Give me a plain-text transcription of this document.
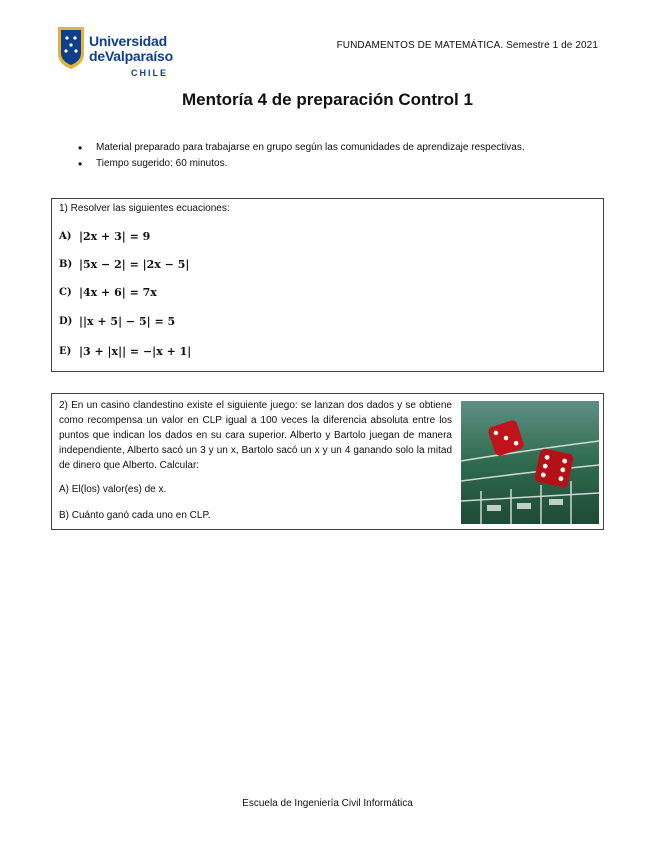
Universidad
deValparaíso
CHILE
FUNDAMENTOS DE MATEMÁTICA. Semestre 1 de 2021
Mentoría 4 de preparación Control 1
• Material preparado para trabajarse en grupo según las comunidades de aprendizaje respectivas.
• Tiempo sugerido: 60 minutos.
1) Resolver las siguientes ecuaciones:
A) |2x + 3| = 9
B) |5x − 2| = |2x − 5|
C) |4x + 6| = 7x
D) ||x + 5| − 5| = 5
E) |3 + |x|| = −|x + 1|
2) En un casino clandestino existe el siguiente juego: se lanzan dos dados y se obtiene como recompensa un valor en CLP igual a 100 veces la diferencia absoluta entre los puntos que indican los dados en su cara superior. Alberto y Bartolo juegan de manera independiente, Alberto sacó un 3 y un x, Bartolo sacó un x y un 4 ganando solo la mitad de dinero que Alberto. Calcular:
A) El(los) valor(es) de x.
B) Cuánto ganó cada uno en CLP.
Escuela de Ingeniería Civil Informática
